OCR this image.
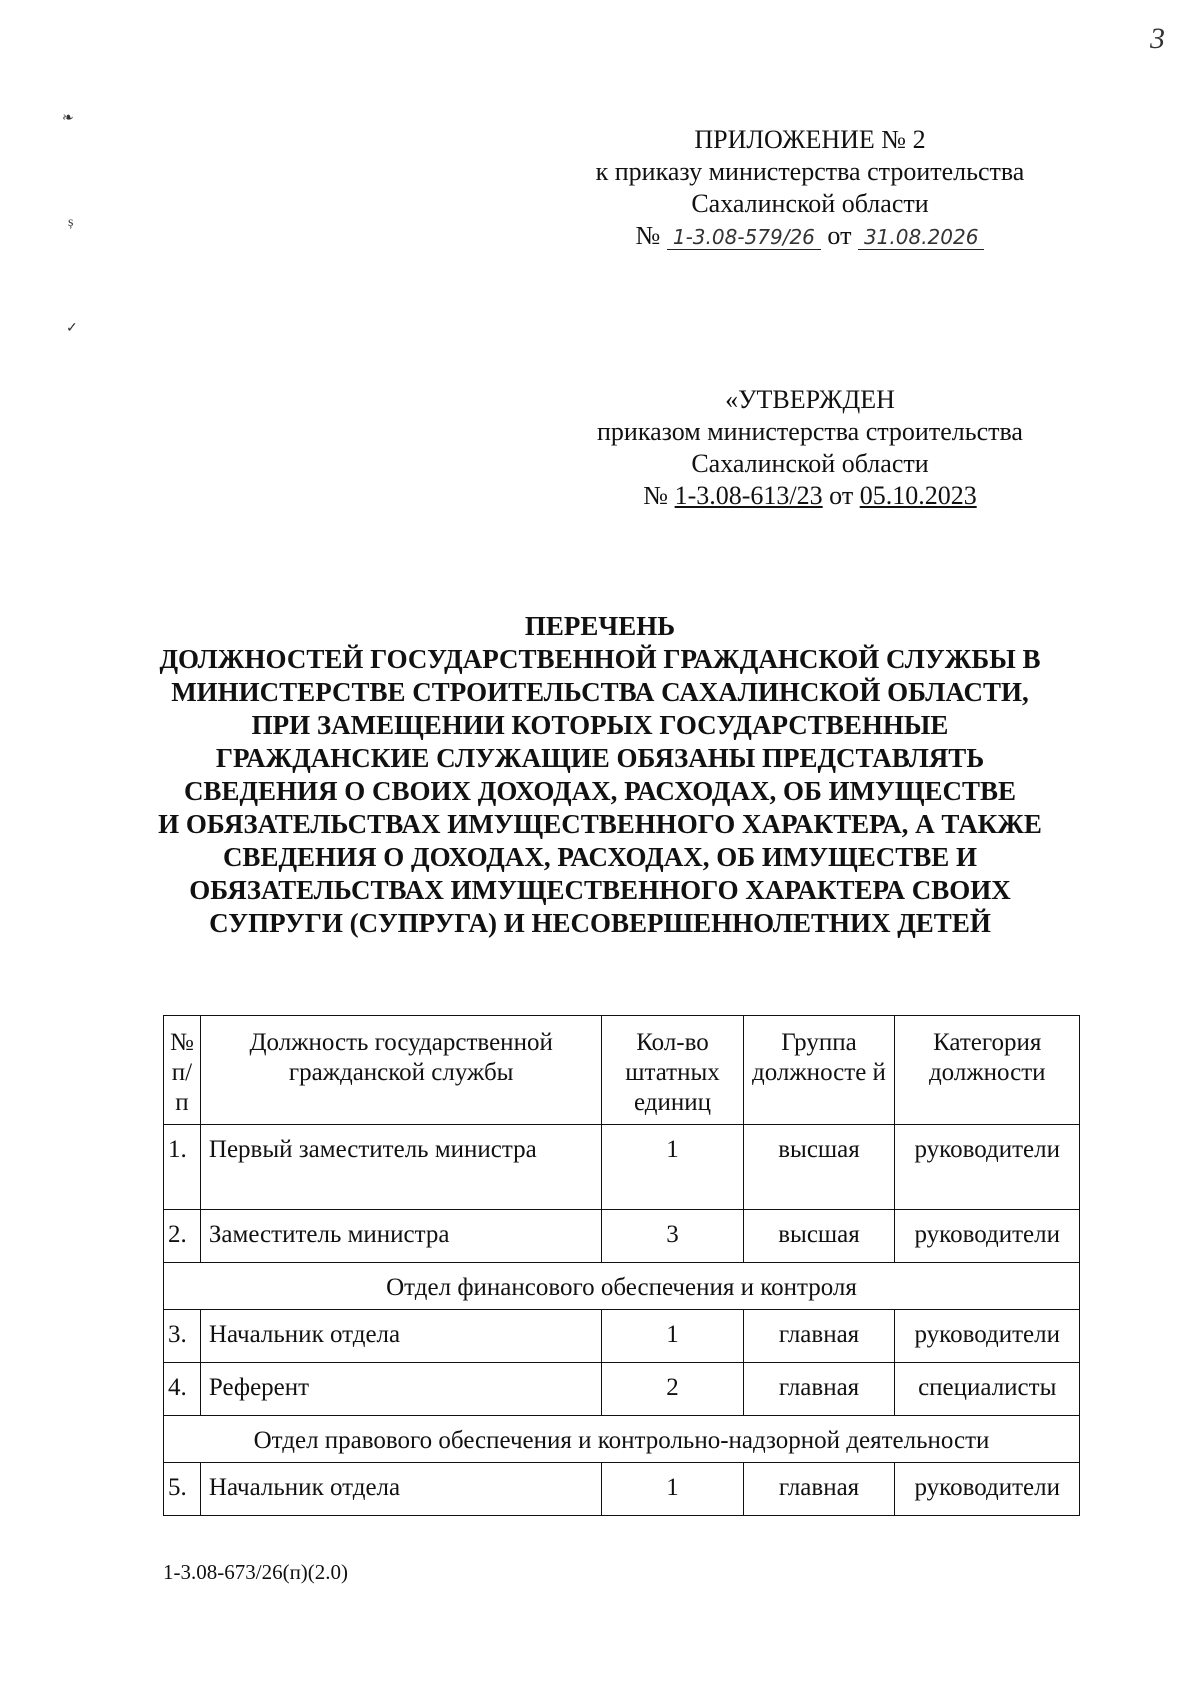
3
❧
ș
✓
ПРИЛОЖЕНИЕ № 2
к приказу министерства строительства
Сахалинской области
№ 1-3.08-579/26 от 31.08.2026
«УТВЕРЖДЕН
приказом министерства строительства
Сахалинской области
№ 1-3.08-613/23 от 05.10.2023
ПЕРЕЧЕНЬ
ДОЛЖНОСТЕЙ ГОСУДАРСТВЕННОЙ ГРАЖДАНСКОЙ СЛУЖБЫ В
МИНИСТЕРСТВЕ СТРОИТЕЛЬСТВА САХАЛИНСКОЙ ОБЛАСТИ,
ПРИ ЗАМЕЩЕНИИ КОТОРЫХ ГОСУДАРСТВЕННЫЕ
ГРАЖДАНСКИЕ СЛУЖАЩИЕ ОБЯЗАНЫ ПРЕДСТАВЛЯТЬ
СВЕДЕНИЯ О СВОИХ ДОХОДАХ, РАСХОДАХ, ОБ ИМУЩЕСТВЕ
И ОБЯЗАТЕЛЬСТВАХ ИМУЩЕСТВЕННОГО ХАРАКТЕРА, А ТАКЖЕ
СВЕДЕНИЯ О ДОХОДАХ, РАСХОДАХ, ОБ ИМУЩЕСТВЕ И
ОБЯЗАТЕЛЬСТВАХ ИМУЩЕСТВЕННОГО ХАРАКТЕРА СВОИХ
СУПРУГИ (СУПРУГА) И НЕСОВЕРШЕННОЛЕТНИХ ДЕТЕЙ
№ п/ п	Должность государственной гражданской службы	Кол-во штатных единиц	Группа должносте й	Категория должности
1.	Первый заместитель министра	1	высшая	руководители
2.	Заместитель министра	3	высшая	руководители
Отдел финансового обеспечения и контроля				
3.	Начальник отдела	1	главная	руководители
4.	Референт	2	главная	специалисты
Отдел правового обеспечения и контрольно-надзорной деятельности				
5.	Начальник отдела	1	главная	руководители
1-3.08-673/26(п)(2.0)
